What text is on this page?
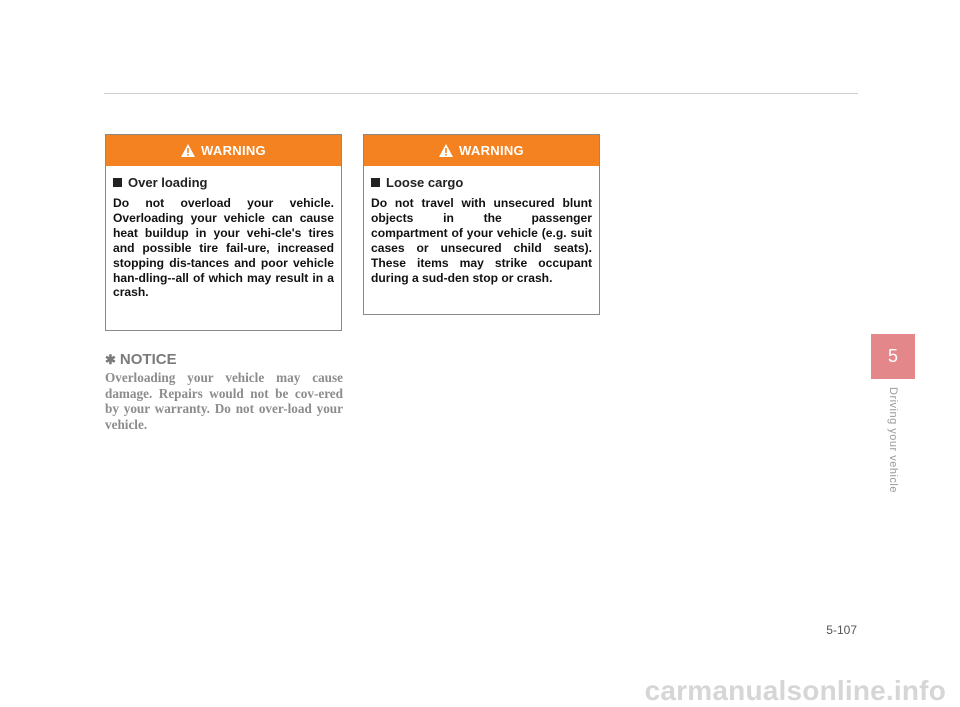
WARNING
Over loading

Do not overload your vehicle. Overloading your vehicle can cause heat buildup in your vehi-cle's tires and possible tire fail-ure, increased stopping dis-tances and poor vehicle han-dling--all of which may result in a crash.

WARNING
Loose cargo

Do not travel with unsecured blunt objects in the passenger compartment of your vehicle (e.g. suit cases or unsecured child seats). These items may strike occupant during a sud-den stop or crash.

✱ NOTICE

Overloading your vehicle may cause damage. Repairs would not be cov-ered by your warranty. Do not over-load your vehicle.

5
Driving your vehicle
5-107
carmanualsonline.info
